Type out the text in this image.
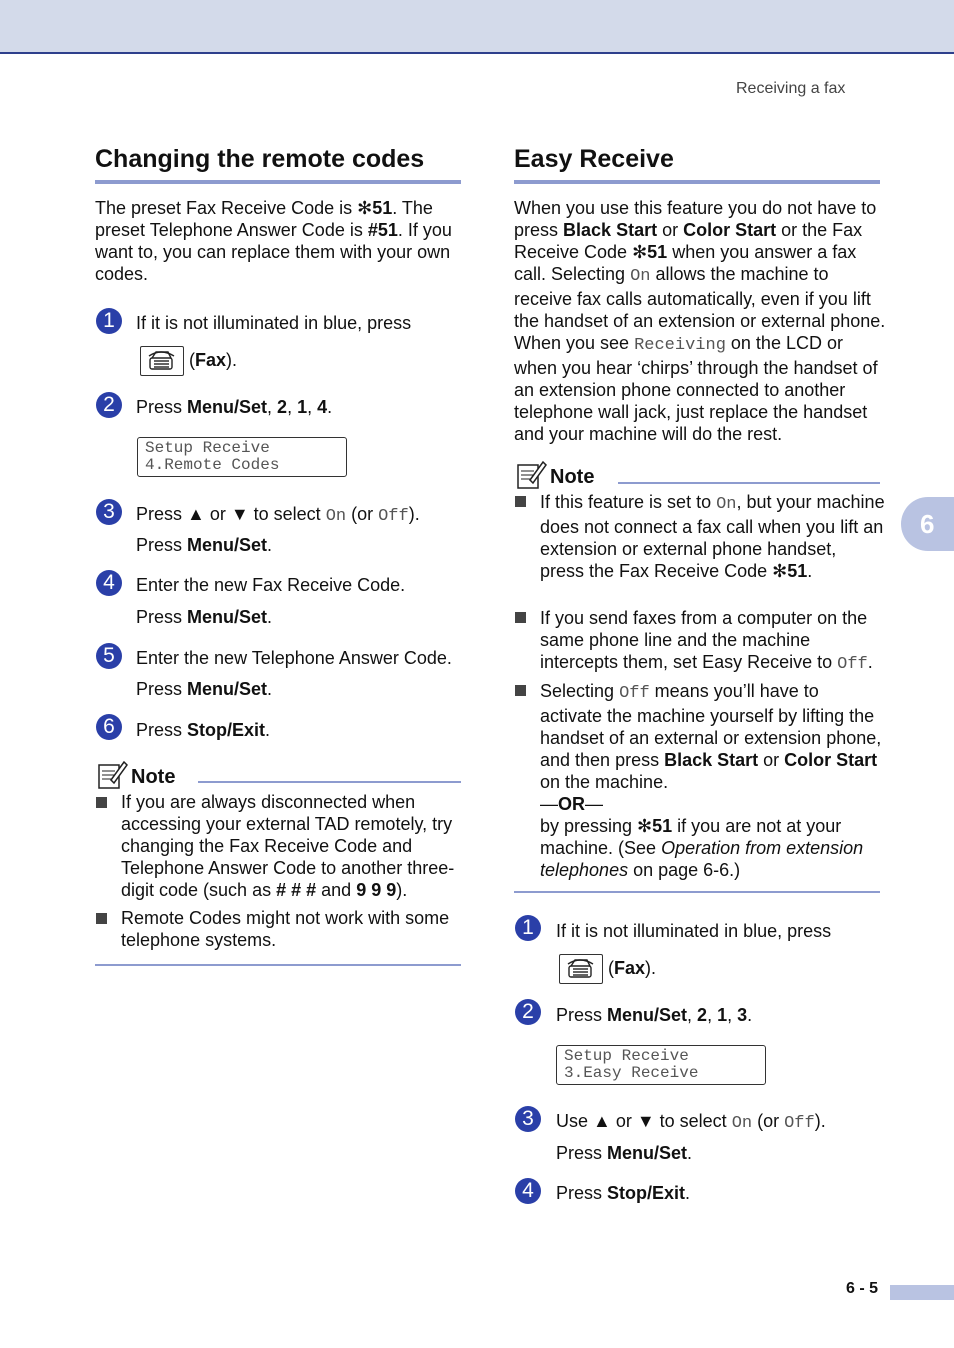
Receiving a fax
Changing the remote codes

The preset Fax Receive Code is ✻51. The preset Telephone Answer Code is #51. If you want to, you can replace them with your own codes.

1	If it is not illuminated in blue, press
(Fax).
2	Press Menu/Set, 2, 1, 4.
Setup Receive
4.Remote Codes
3	Press ▲ or ▼ to select On (or Off).
Press Menu/Set.
4	Enter the new Fax Receive Code.
Press Menu/Set.
5	Enter the new Telephone Answer Code.
Press Menu/Set.
6	Press Stop/Exit.
Note

If you are always disconnected when accessing your external TAD remotely, try changing the Fax Receive Code and Telephone Answer Code to another three-digit code (such as # # # and 9 9 9).

Remote Codes might not work with some telephone systems.

Easy Receive

When you use this feature you do not have to press Black Start or Color Start or the Fax Receive Code ✻51 when you answer a fax call. Selecting On allows the machine to receive fax calls automatically, even if you lift the handset of an extension or external phone. When you see Receiving on the LCD or when you hear ‘chirps’ through the handset of an extension phone connected to another telephone wall jack, just replace the handset and your machine will do the rest.

Note

If this feature is set to On, but your machine does not connect a fax call when you lift an extension or external phone handset, press the Fax Receive Code ✻51.

If you send faxes from a computer on the same phone line and the machine intercepts them, set Easy Receive to Off.

Selecting Off means you’ll have to activate the machine yourself by lifting the handset of an external or extension phone, and then press Black Start or Color Start on the machine.
—OR—
by pressing ✻51 if you are not at your machine. (See Operation from extension telephones on page 6-6.)

1	If it is not illuminated in blue, press
(Fax).
2	Press Menu/Set, 2, 1, 3.
Setup Receive
3.Easy Receive
3	Use ▲ or ▼ to select On (or Off).
Press Menu/Set.
4	Press Stop/Exit.
6
6 - 5
